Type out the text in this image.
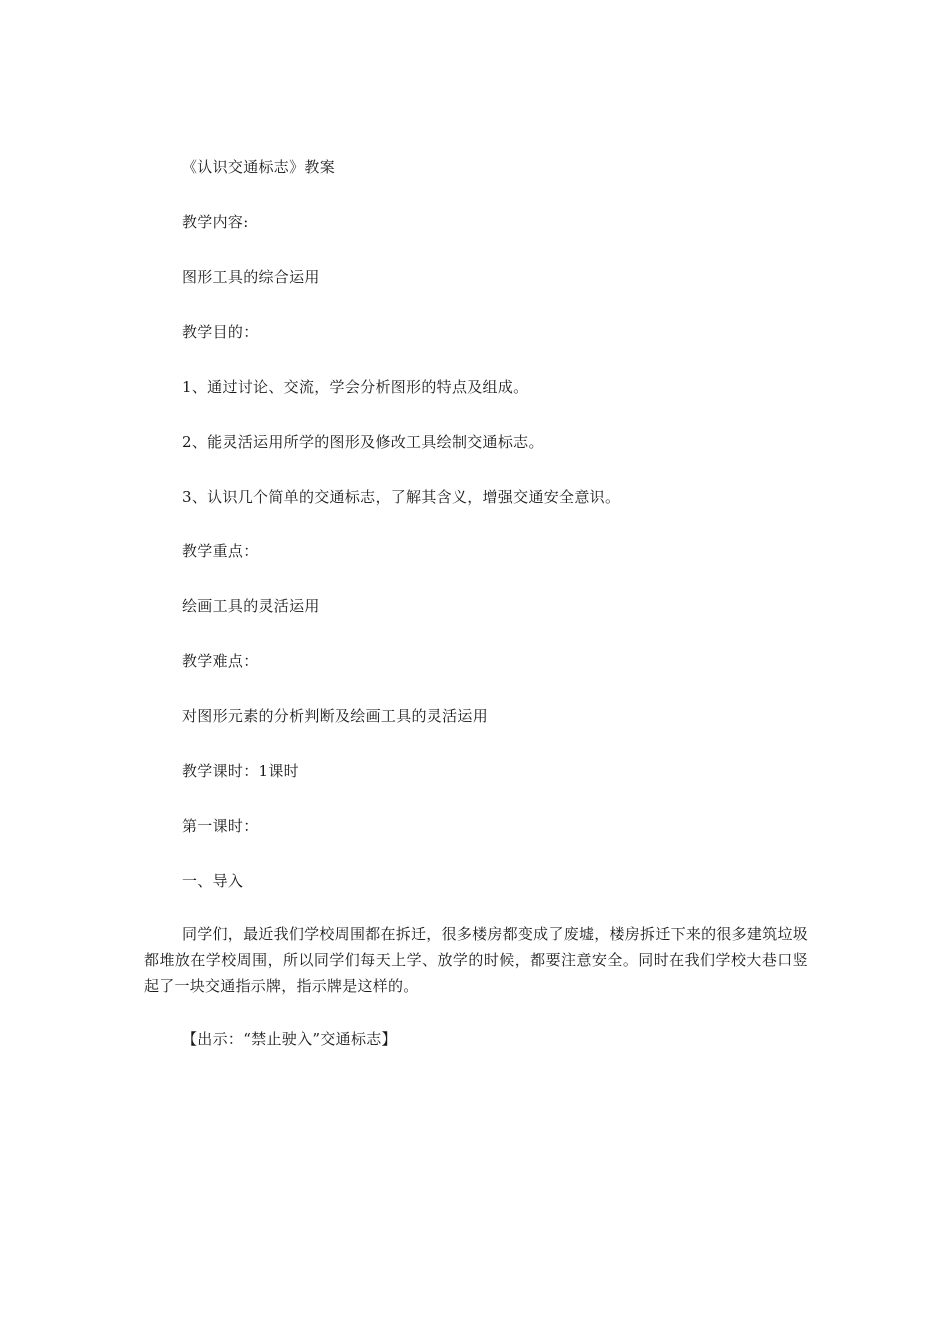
《认识交通标志》教案
教学内容:
图形工具的综合运用
教学目的：
1、通过讨论、交流，学会分析图形的特点及组成。
2、能灵活运用所学的图形及修改工具绘制交通标志。
3、认识几个简单的交通标志，了解其含义，增强交通安全意识。
教学重点：
绘画工具的灵活运用
教学难点：
对图形元素的分析判断及绘画工具的灵活运用
教学课时：1课时
第一课时：
一、导入
同学们，最近我们学校周围都在拆迁，很多楼房都变成了废墟，楼房拆迁下来的很多建筑垃圾都堆放在学校周围，所以同学们每天上学、放学的时候，都要注意安全。同时在我们学校大巷口竖起了一块交通指示牌，指示牌是这样的。
【出示：“禁止驶入”交通标志】
